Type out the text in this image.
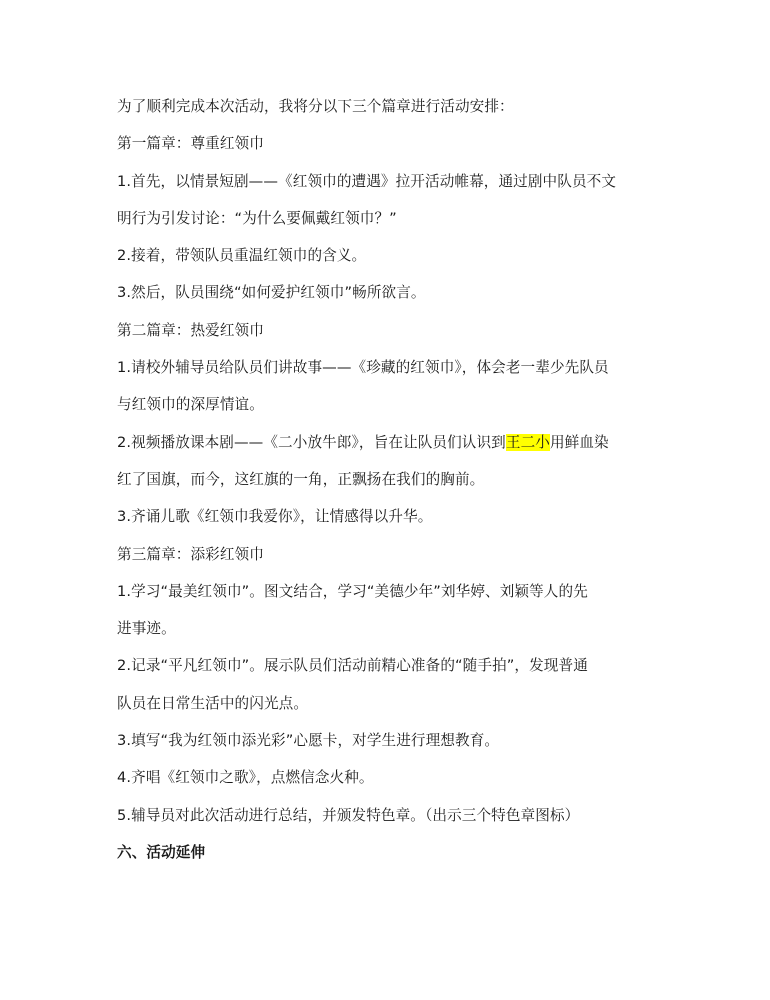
为了顺利完成本次活动，我将分以下三个篇章进行活动安排：
第一篇章：尊重红领巾
1.首先，以情景短剧——《红领巾的遭遇》拉开活动帷幕，通过剧中队员不文
明行为引发讨论：“为什么要佩戴红领巾？”
2.接着，带领队员重温红领巾的含义。
3.然后，队员围绕“如何爱护红领巾”畅所欲言。
第二篇章：热爱红领巾
1.请校外辅导员给队员们讲故事——《珍藏的红领巾》，体会老一辈少先队员
与红领巾的深厚情谊。
2.视频播放课本剧——《二小放牛郎》，旨在让队员们认识到王二小用鲜血染
红了国旗，而今，这红旗的一角，正飘扬在我们的胸前。
3.齐诵儿歌《红领巾我爱你》，让情感得以升华。
第三篇章：添彩红领巾
1.学习“最美红领巾”。图文结合，学习“美德少年”刘华婷、刘颖等人的先
进事迹。
2.记录“平凡红领巾”。展示队员们活动前精心准备的“随手拍”，发现普通
队员在日常生活中的闪光点。
3.填写“我为红领巾添光彩”心愿卡，对学生进行理想教育。
4.齐唱《红领巾之歌》，点燃信念火种。
5.辅导员对此次活动进行总结，并颁发特色章。（出示三个特色章图标）
六、活动延伸
